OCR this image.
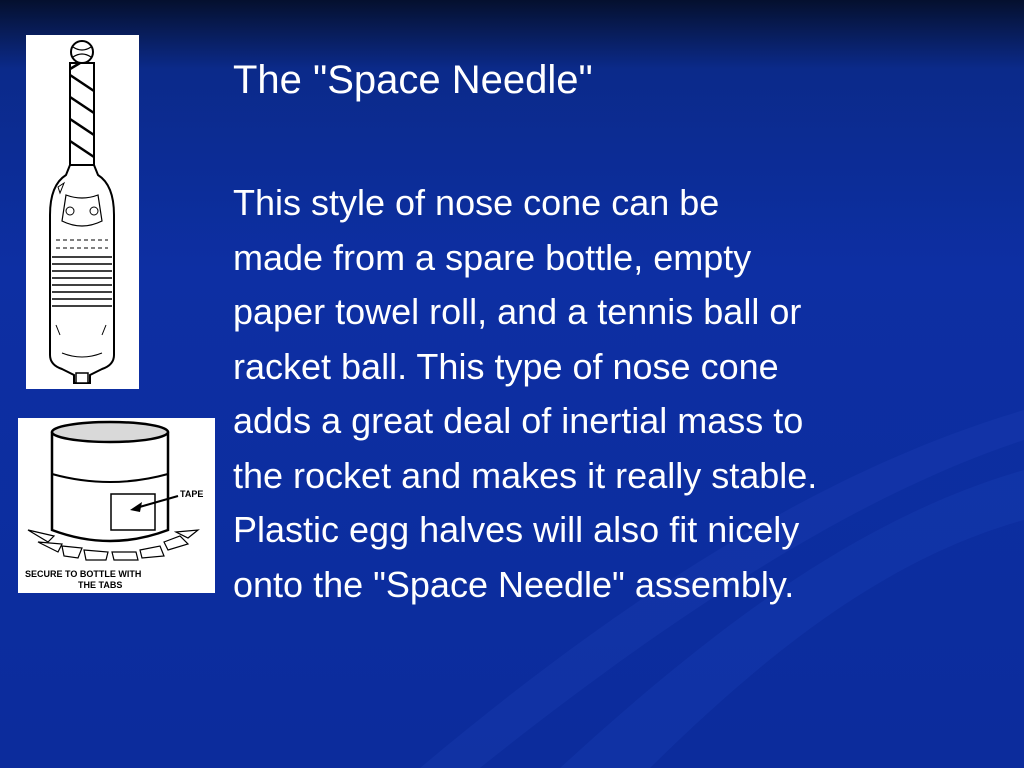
TAPE
SECURE TO BOTTLE WITH
THE TABS
The "Space Needle"
This style of nose cone can be
made from a spare bottle, empty
paper towel roll, and a tennis ball or
racket ball. This type of nose cone
adds a great deal of inertial mass to
the rocket and makes it really stable.
Plastic egg halves will also fit nicely
onto the "Space Needle" assembly.
